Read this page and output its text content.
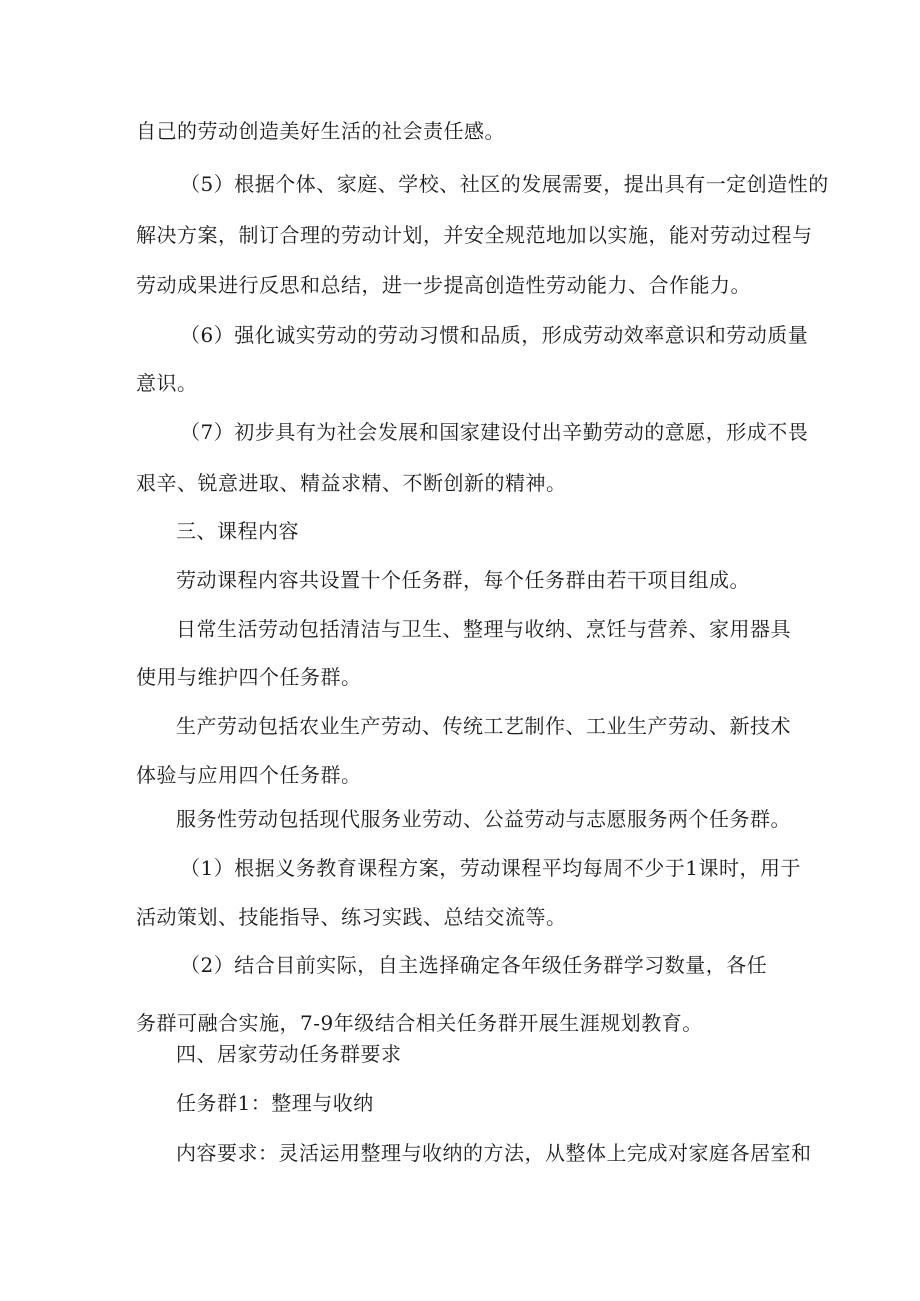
自己的劳动创造美好生活的社会责任感。

（5）根据个体、家庭、学校、社区的发展需要，提出具有一定创造性的

解决方案，制订合理的劳动计划，并安全规范地加以实施，能对劳动过程与

劳动成果进行反思和总结，进一步提高创造性劳动能力、合作能力。

（6）强化诚实劳动的劳动习惯和品质，形成劳动效率意识和劳动质量

意识。

（7）初步具有为社会发展和国家建设付出辛勤劳动的意愿，形成不畏

艰辛、锐意进取、精益求精、不断创新的精神。

三、课程内容

劳动课程内容共设置十个任务群，每个任务群由若干项目组成。

日常生活劳动包括清洁与卫生、整理与收纳、烹饪与营养、家用器具

使用与维护四个任务群。

生产劳动包括农业生产劳动、传统工艺制作、工业生产劳动、新技术

体验与应用四个任务群。

服务性劳动包括现代服务业劳动、公益劳动与志愿服务两个任务群。

（1）根据义务教育课程方案，劳动课程平均每周不少于1课时，用于

活动策划、技能指导、练习实践、总结交流等。

（2）结合目前实际，自主选择确定各年级任务群学习数量，各任

务群可融合实施，7-9年级结合相关任务群开展生涯规划教育。

四、居家劳动任务群要求

任务群1：整理与收纳

内容要求：灵活运用整理与收纳的方法，从整体上完成对家庭各居室和
